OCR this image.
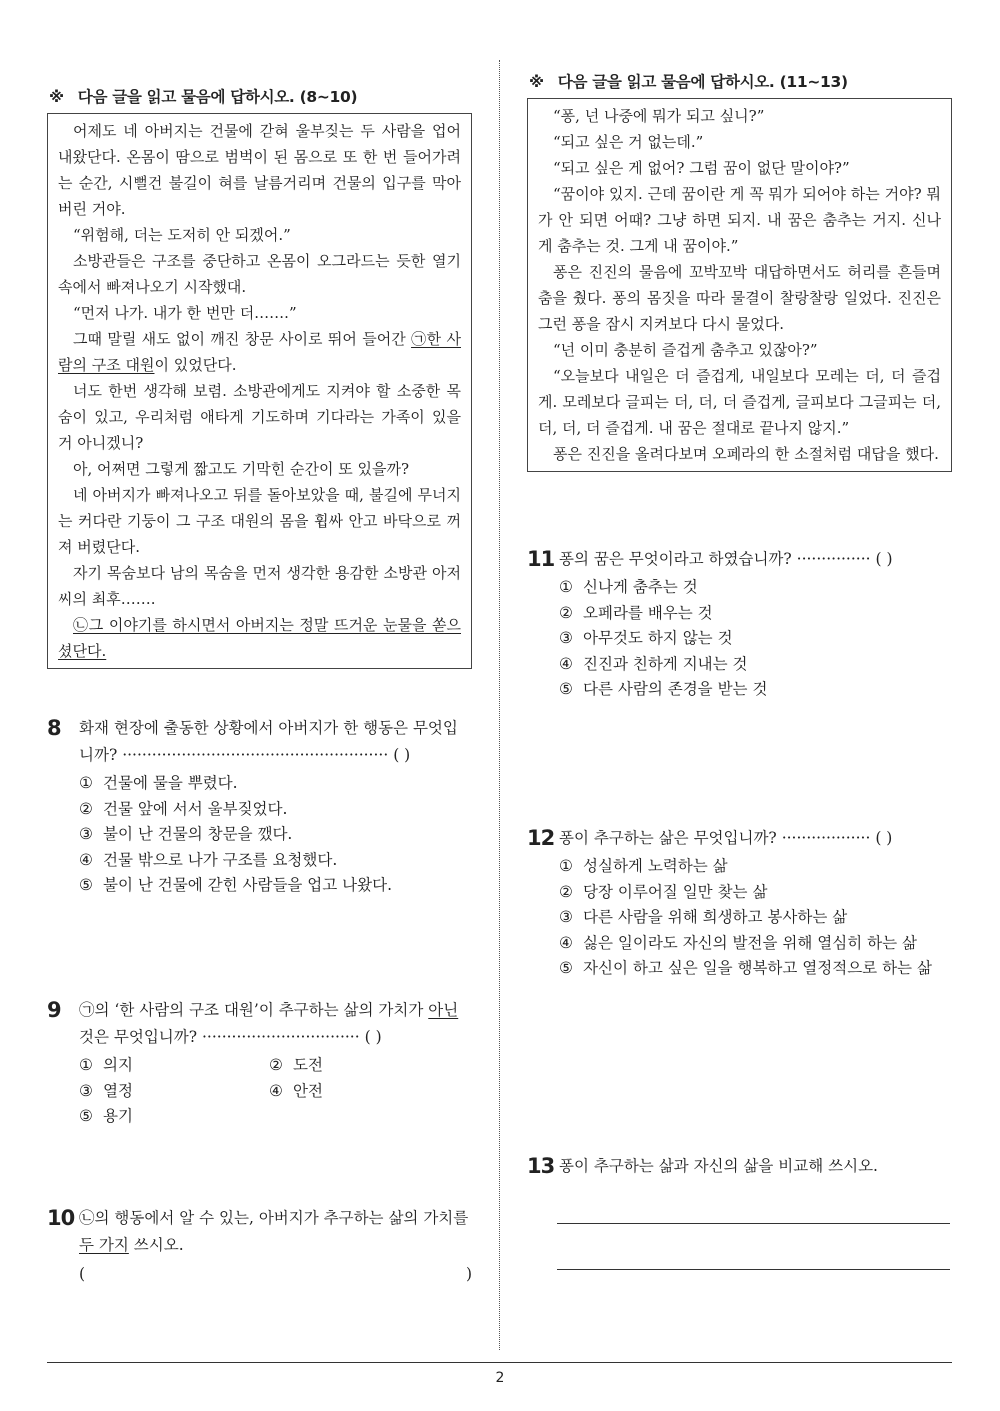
※ 다음 글을 읽고 물음에 답하시오. (8~10)

어제도 네 아버지는 건물에 갇혀 울부짖는 두 사람을 업어 내왔단다. 온몸이 땀으로 범벅이 된 몸으로 또 한 번 들어가려는 순간, 시뻘건 불길이 혀를 날름거리며 건물의 입구를 막아 버린 거야.

“위험해, 더는 도저히 안 되겠어.”

소방관들은 구조를 중단하고 온몸이 오그라드는 듯한 열기 속에서 빠져나오기 시작했대.

“먼저 나가. 내가 한 번만 더…….”

그때 말릴 새도 없이 깨진 창문 사이로 뛰어 들어간 ㉠한 사람의 구조 대원이 있었단다.

너도 한번 생각해 보렴. 소방관에게도 지켜야 할 소중한 목숨이 있고, 우리처럼 애타게 기도하며 기다라는 가족이 있을 거 아니겠니?

아, 어쩌면 그렇게 짧고도 기막힌 순간이 또 있을까?

네 아버지가 빠져나오고 뒤를 돌아보았을 때, 불길에 무너지는 커다란 기둥이 그 구조 대원의 몸을 휩싸 안고 바닥으로 꺼져 버렸단다.

자기 목숨보다 남의 목숨을 먼저 생각한 용감한 소방관 아저씨의 최후…….

㉡그 이야기를 하시면서 아버지는 정말 뜨거운 눈물을 쏟으셨단다.

8	화재 현장에 출동한 상황에서 아버지가 한 행동은 무엇입니까? ······················································ ( )
① 건물에 물을 뿌렸다.
② 건물 앞에 서서 울부짖었다.
③ 불이 난 건물의 창문을 깼다.
④ 건물 밖으로 나가 구조를 요청했다.
⑤ 불이 난 건물에 갇힌 사람들을 업고 나왔다.
9	㉠의 ‘한 사람의 구조 대원’이 추구하는 삶의 가치가 아닌 것은 무엇입니까? ································ ( )
① 의지	② 도전
③ 열정	④ 안전
⑤ 용기
10 ㉡의 행동에서 알 수 있는, 아버지가 추구하는 삶의 가치를 두 가지 쓰시오.
(	)
※ 다음 글을 읽고 물음에 답하시오. (11~13)

“퐁, 넌 나중에 뭐가 되고 싶니?”

“되고 싶은 거 없는데.”

“되고 싶은 게 없어? 그럼 꿈이 없단 말이야?”

“꿈이야 있지. 근데 꿈이란 게 꼭 뭐가 되어야 하는 거야? 뭐가 안 되면 어때? 그냥 하면 되지. 내 꿈은 춤추는 거지. 신나게 춤추는 것. 그게 내 꿈이야.”

퐁은 진진의 물음에 꼬박꼬박 대답하면서도 허리를 흔들며 춤을 췄다. 퐁의 몸짓을 따라 물결이 찰랑찰랑 일었다. 진진은 그런 퐁을 잠시 지켜보다 다시 물었다.

“넌 이미 충분히 즐겁게 춤추고 있잖아?”

“오늘보다 내일은 더 즐겁게, 내일보다 모레는 더, 더 즐겁게. 모레보다 글피는 더, 더, 더 즐겁게, 글피보다 그글피는 더, 더, 더, 더 즐겁게. 내 꿈은 절대로 끝나지 않지.”

퐁은 진진을 올려다보며 오페라의 한 소절처럼 대답을 했다.

11 퐁의 꿈은 무엇이라고 하였습니까? ··············· ( )
① 신나게 춤추는 것
② 오페라를 배우는 것
③ 아무것도 하지 않는 것
④ 진진과 친하게 지내는 것
⑤ 다른 사람의 존경을 받는 것
12 퐁이 추구하는 삶은 무엇입니까? ·················· ( )
① 성실하게 노력하는 삶
② 당장 이루어질 일만 찾는 삶
③ 다른 사람을 위해 희생하고 봉사하는 삶
④ 싫은 일이라도 자신의 발전을 위해 열심히 하는 삶
⑤ 자신이 하고 싶은 일을 행복하고 열정적으로 하는 삶
13 퐁이 추구하는 삶과 자신의 삶을 비교해 쓰시오.
2
